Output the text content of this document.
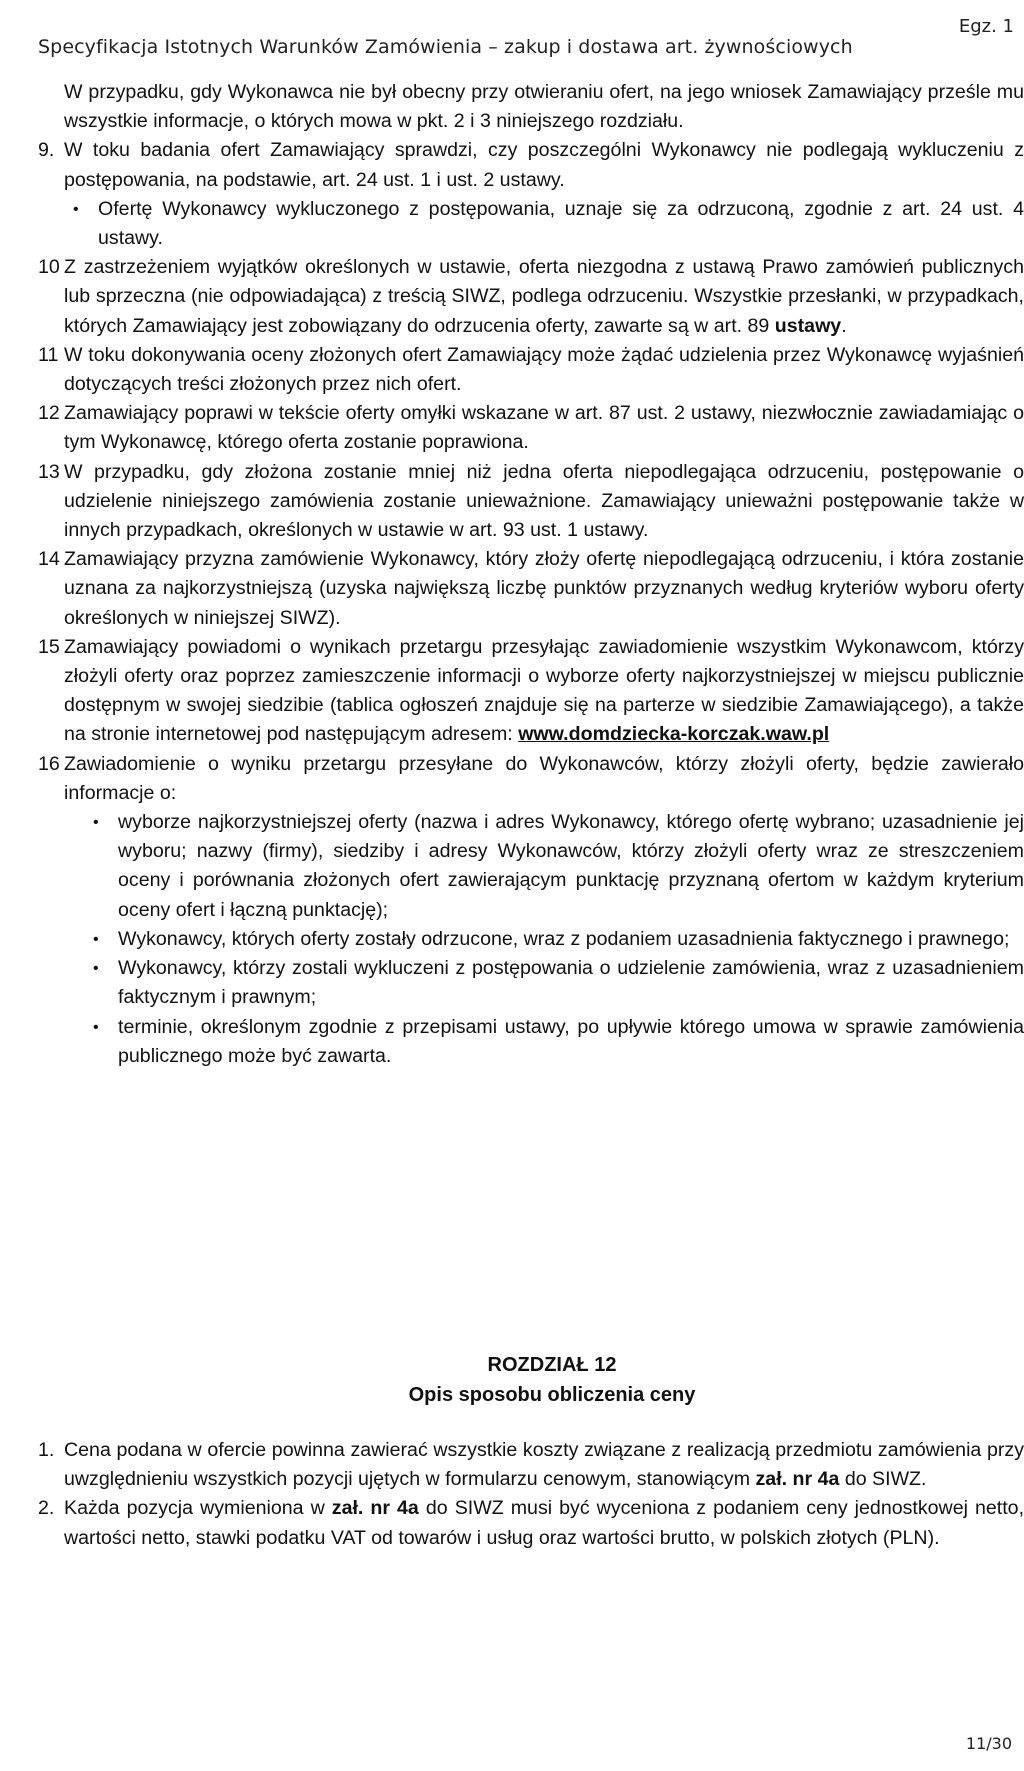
Specyfikacja Istotnych Warunków Zamówienia – zakup i dostawa art. żywnościowych
Egz. 1
W przypadku, gdy Wykonawca nie był obecny przy otwieraniu ofert, na jego wniosek Zamawiający prześle mu wszystkie informacje, o których mowa w pkt. 2 i 3 niniejszego rozdziału.
9. W toku badania ofert Zamawiający sprawdzi, czy poszczególni Wykonawcy nie podlegają wykluczeniu z postępowania, na podstawie, art. 24 ust. 1 i ust. 2 ustawy.
• Ofertę Wykonawcy wykluczonego z postępowania, uznaje się za odrzuconą, zgodnie z art. 24 ust. 4 ustawy.
10 Z zastrzeżeniem wyjątków określonych w ustawie, oferta niezgodna z ustawą Prawo zamówień publicznych lub sprzeczna (nie odpowiadająca) z treścią SIWZ, podlega odrzuceniu. Wszystkie przesłanki, w przypadkach, których Zamawiający jest zobowiązany do odrzucenia oferty, zawarte są w art. 89 ustawy.
11 W toku dokonywania oceny złożonych ofert Zamawiający może żądać udzielenia przez Wykonawcę wyjaśnień dotyczących treści złożonych przez nich ofert.
12 Zamawiający poprawi w tekście oferty omyłki wskazane w art. 87 ust. 2 ustawy, niezwłocznie zawiadamiając o tym Wykonawcę, którego oferta zostanie poprawiona.
13 W przypadku, gdy złożona zostanie mniej niż jedna oferta niepodlegająca odrzuceniu, postępowanie o udzielenie niniejszego zamówienia zostanie unieważnione. Zamawiający unieważni postępowanie także w innych przypadkach, określonych w ustawie w art. 93 ust. 1 ustawy.
14 Zamawiający przyzna zamówienie Wykonawcy, który złoży ofertę niepodlegającą odrzuceniu, i która zostanie uznana za najkorzystniejszą (uzyska największą liczbę punktów przyznanych według kryteriów wyboru oferty określonych w niniejszej SIWZ).
15 Zamawiający powiadomi o wynikach przetargu przesyłając zawiadomienie wszystkim Wykonawcom, którzy złożyli oferty oraz poprzez zamieszczenie informacji o wyborze oferty najkorzystniejszej w miejscu publicznie dostępnym w swojej siedzibie (tablica ogłoszeń znajduje się na parterze w siedzibie Zamawiającego), a także na stronie internetowej pod następującym adresem: www.domdziecka-korczak.waw.pl
16 Zawiadomienie o wyniku przetargu przesyłane do Wykonawców, którzy złożyli oferty, będzie zawierało informacje o:
• wyborze najkorzystniejszej oferty (nazwa i adres Wykonawcy, którego ofertę wybrano; uzasadnienie jej wyboru; nazwy (firmy), siedziby i adresy Wykonawców, którzy złożyli oferty wraz ze streszczeniem oceny i porównania złożonych ofert zawierającym punktację przyznaną ofertom w każdym kryterium oceny ofert i łączną punktację);
• Wykonawcy, których oferty zostały odrzucone, wraz z podaniem uzasadnienia faktycznego i prawnego;
• Wykonawcy, którzy zostali wykluczeni z postępowania o udzielenie zamówienia, wraz z uzasadnieniem faktycznym i prawnym;
• terminie, określonym zgodnie z przepisami ustawy, po upływie którego umowa w sprawie zamówienia publicznego może być zawarta.
ROZDZIAŁ 12
Opis sposobu obliczenia ceny
1. Cena podana w ofercie powinna zawierać wszystkie koszty związane z realizacją przedmiotu zamówienia przy uwzględnieniu wszystkich pozycji ujętych w formularzu cenowym, stanowiącym zał. nr 4a do SIWZ.
2. Każda pozycja wymieniona w zał. nr 4a do SIWZ musi być wyceniona z podaniem ceny jednostkowej netto, wartości netto, stawki podatku VAT od towarów i usług oraz wartości brutto, w polskich złotych (PLN).
11/30
